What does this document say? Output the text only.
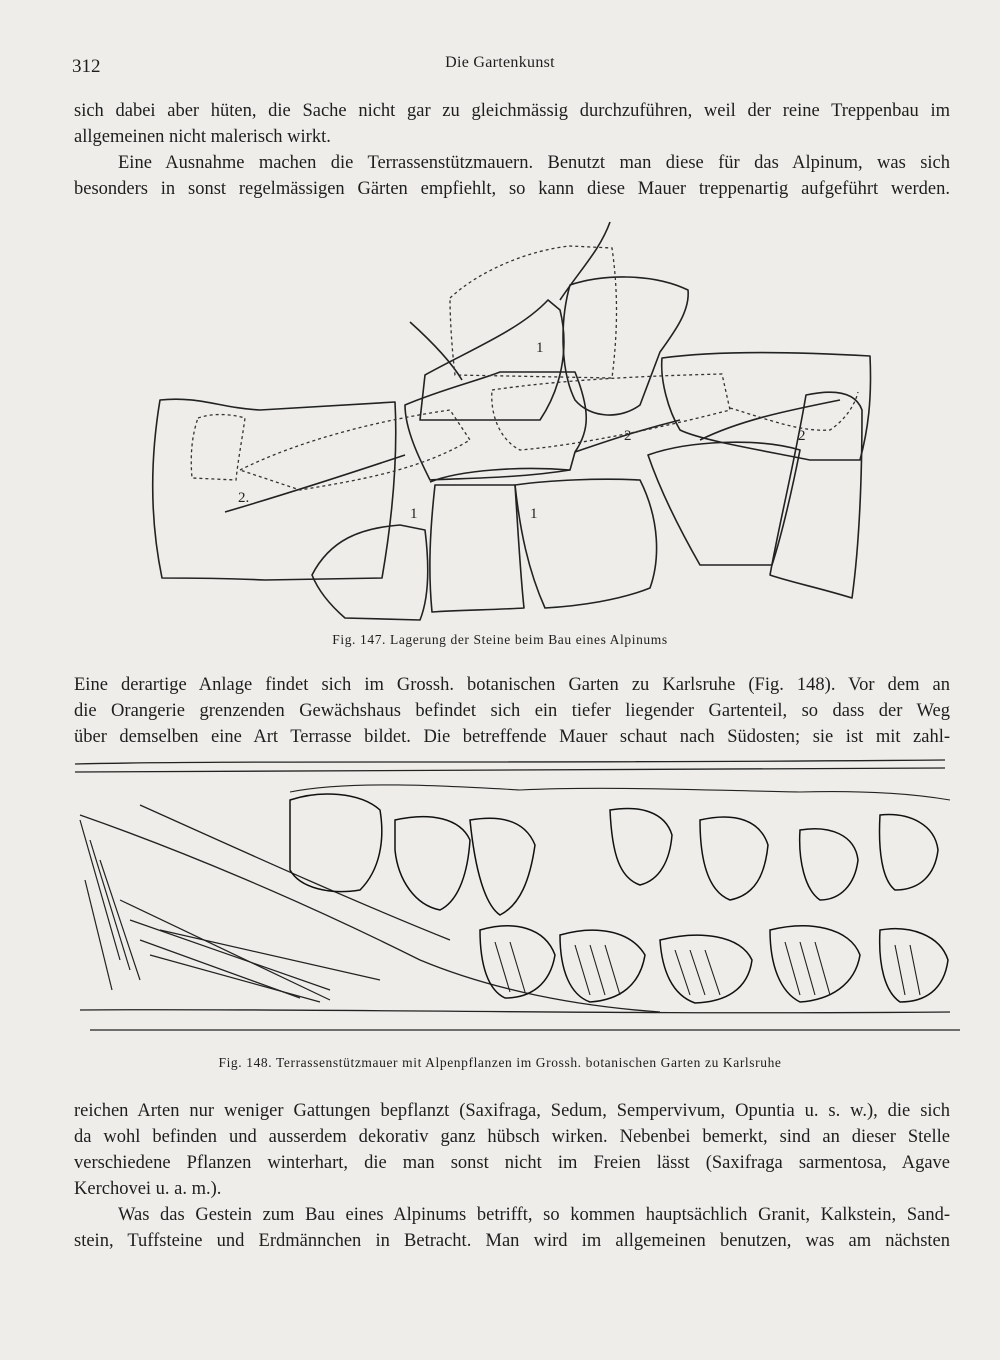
312	Die Gartenkunst
sich dabei aber hüten, die Sache nicht gar zu gleichmässig durchzuführen, weil der reine Treppenbau im
allgemeinen nicht malerisch wirkt.
Eine Ausnahme machen die Terrassenstützmauern. Benutzt man diese für das Alpinum, was sich
besonders in sonst regelmässigen Gärten empfiehlt, so kann diese Mauer treppenartig aufgeführt werden.
1
2	2
1
2.
1
Fig. 147. Lagerung der Steine beim Bau eines Alpinums
Eine derartige Anlage findet sich im Grossh. botanischen Garten zu Karlsruhe (Fig. 148). Vor dem an
die Orangerie grenzenden Gewächshaus befindet sich ein tiefer liegender Gartenteil, so dass der Weg
über demselben eine Art Terrasse bildet. Die betreffende Mauer schaut nach Südosten; sie ist mit zahl-
Fig. 148. Terrassenstützmauer mit Alpenpflanzen im Grossh. botanischen Garten zu Karlsruhe
reichen Arten nur weniger Gattungen bepflanzt (Saxifraga, Sedum, Sempervivum, Opuntia u. s. w.), die sich
da wohl befinden und ausserdem dekorativ ganz hübsch wirken. Nebenbei bemerkt, sind an dieser Stelle
verschiedene Pflanzen winterhart, die man sonst nicht im Freien lässt (Saxifraga sarmentosa, Agave
Kerchovei u. a. m.).
Was das Gestein zum Bau eines Alpinums betrifft, so kommen hauptsächlich Granit, Kalkstein, Sand-
stein, Tuffsteine und Erdmännchen in Betracht. Man wird im allgemeinen benutzen, was am nächsten
